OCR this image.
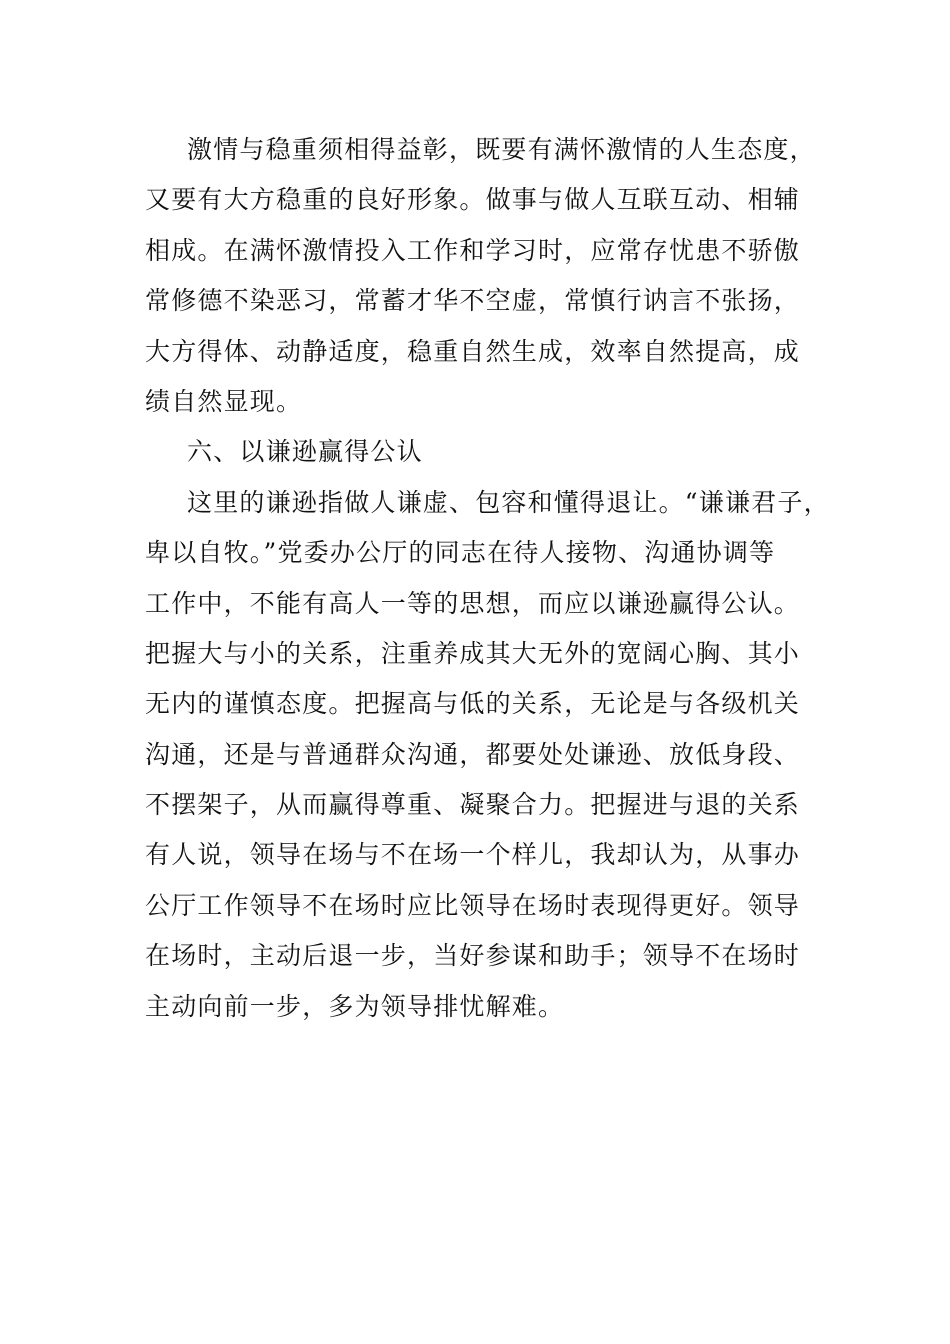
激情与稳重须相得益彰，既要有满怀激情的人生态度，
又要有大方稳重的良好形象。做事与做人互联互动、相辅
相成。在满怀激情投入工作和学习时，应常存忧患不骄傲
常修德不染恶习，常蓄才华不空虚，常慎行讷言不张扬，
大方得体、动静适度，稳重自然生成，效率自然提高，成
绩自然显现。
六、以谦逊赢得公认
这里的谦逊指做人谦虚、包容和懂得退让。“谦谦君子，
卑以自牧。”党委办公厅的同志在待人接物、沟通协调等
工作中，不能有高人一等的思想，而应以谦逊赢得公认。
把握大与小的关系，注重养成其大无外的宽阔心胸、其小
无内的谨慎态度。把握高与低的关系，无论是与各级机关
沟通，还是与普通群众沟通，都要处处谦逊、放低身段、
不摆架子，从而赢得尊重、凝聚合力。把握进与退的关系
有人说，领导在场与不在场一个样儿，我却认为，从事办
公厅工作领导不在场时应比领导在场时表现得更好。领导
在场时，主动后退一步，当好参谋和助手；领导不在场时
主动向前一步，多为领导排忧解难。
